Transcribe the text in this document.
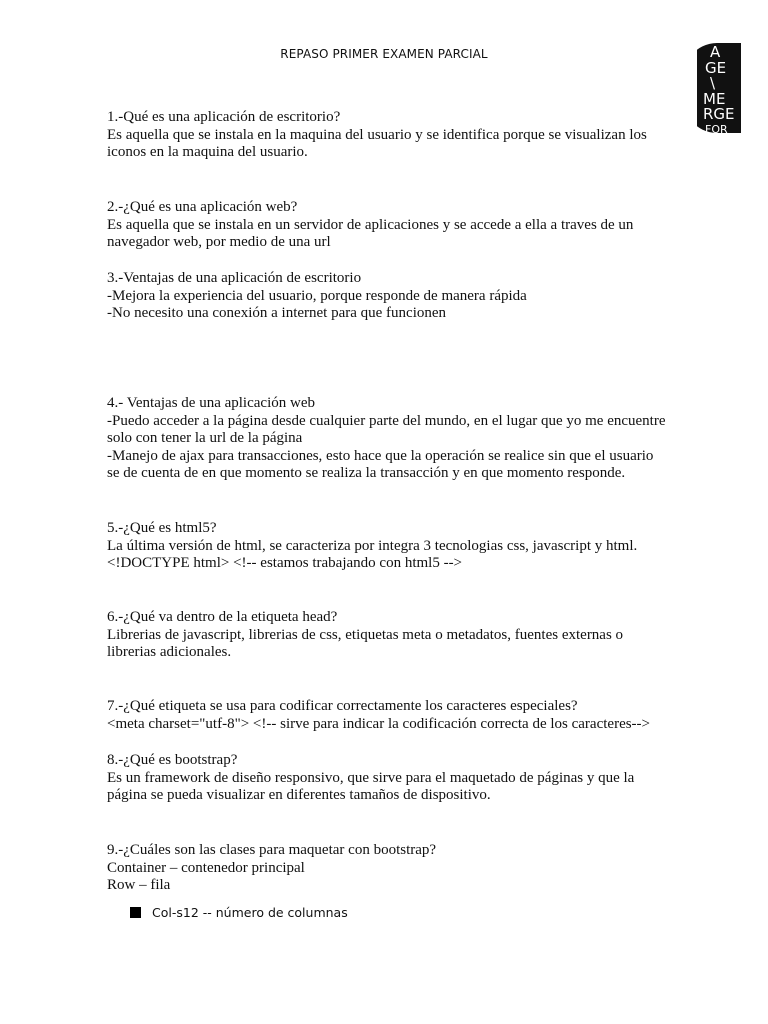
REPASO PRIMER EXAMEN PARCIAL	A
GE
\
ME
RGE
FOR

1.-Qué es una aplicación de escritorio?

Es aquella que se instala en la maquina del usuario y se identifica porque se visualizan los iconos en la maquina del usuario.

2.-¿Qué es una aplicación web?

Es aquella que se instala en un servidor de aplicaciones y se accede a ella a traves de un navegador web, por medio de una url

3.-Ventajas de una aplicación de escritorio

-Mejora la experiencia del usuario, porque responde de manera rápida
-No necesito una conexión a internet para que funcionen

4.- Ventajas de una aplicación web

-Puedo acceder a la página desde cualquier parte del mundo, en el lugar que yo me encuentre solo con tener la url de la página
-Manejo de ajax para transacciones, esto hace que la operación se realice sin que el usuario se de cuenta de en que momento se realiza la transacción y en que momento responde.

5.-¿Qué es html5?

La última versión de html, se caracteriza por integra 3 tecnologias css, javascript y html.
<!DOCTYPE html> <!-- estamos trabajando con html5 -->

6.-¿Qué va dentro de la etiqueta head?

Librerias de javascript, librerias de css, etiquetas meta o metadatos, fuentes externas o librerias adicionales.

7.-¿Qué etiqueta se usa para codificar correctamente los caracteres especiales?

<meta charset="utf-8"> <!-- sirve para indicar la codificación correcta de los caracteres-->

8.-¿Qué es bootstrap?

Es un framework de diseño responsivo, que sirve para el maquetado de páginas y que la página se pueda visualizar en diferentes tamaños de dispositivo.

9.-¿Cuáles son las clases para maquetar con bootstrap?

Container – contenedor principal
Row – fila

Col-s12 -- número de columnas
